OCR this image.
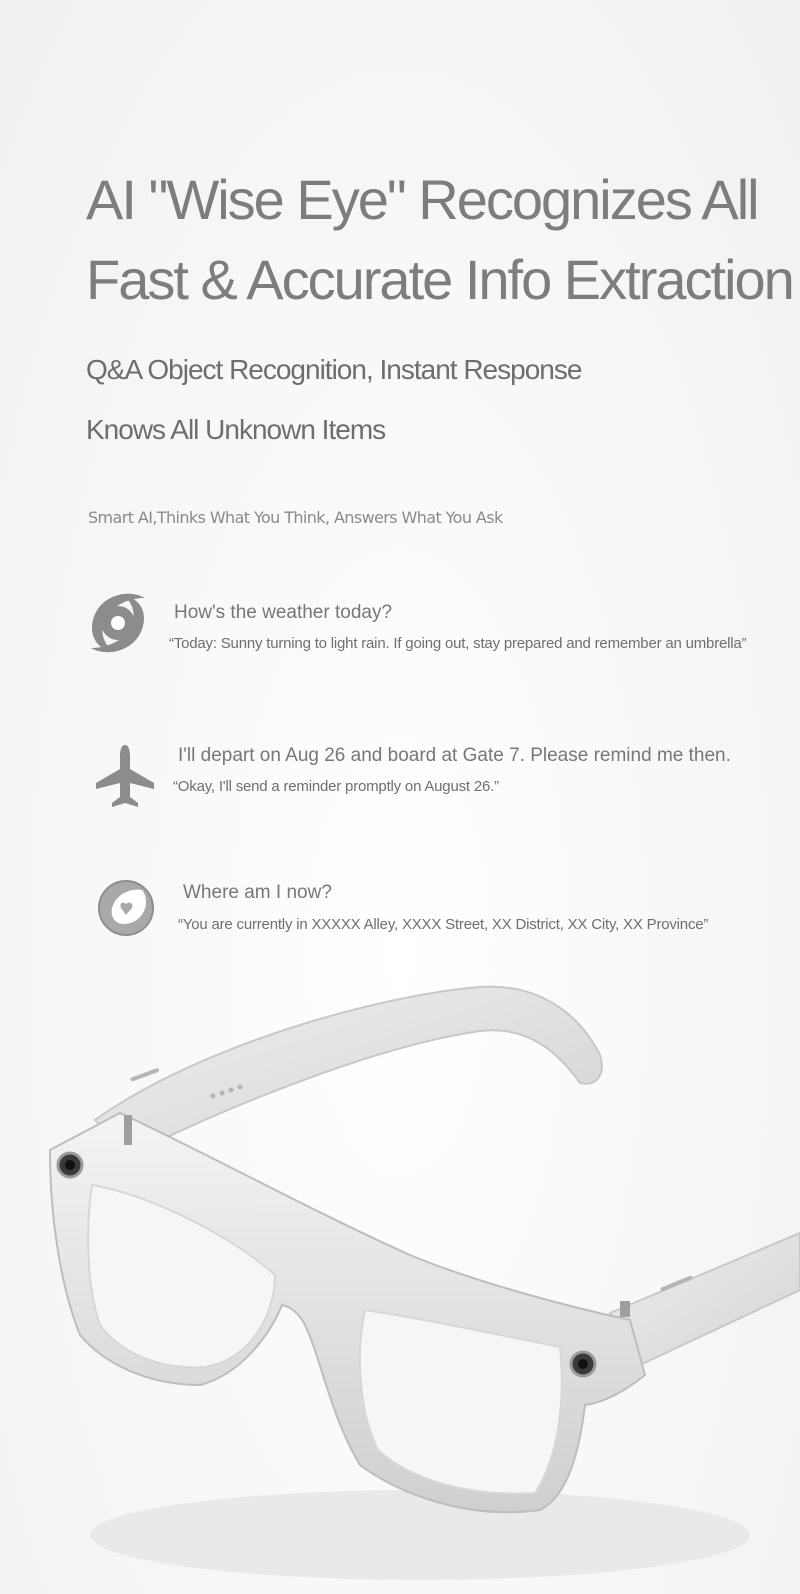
AI "Wise Eye" Recognizes All
Fast & Accurate Info Extraction
Q&A Object Recognition, Instant Response
Knows All Unknown Items
Smart AI,Thinks What You Think, Answers What You Ask
How's the weather today?
“Today: Sunny turning to light rain. If going out, stay prepared and remember an umbrella”
I'll depart on Aug 26 and board at Gate 7. Please remind me then.
“Okay, I'll send a reminder promptly on August 26.”
Where am I now?
“You are currently in XXXXX Alley, XXXX Street, XX District, XX City, XX Province”
